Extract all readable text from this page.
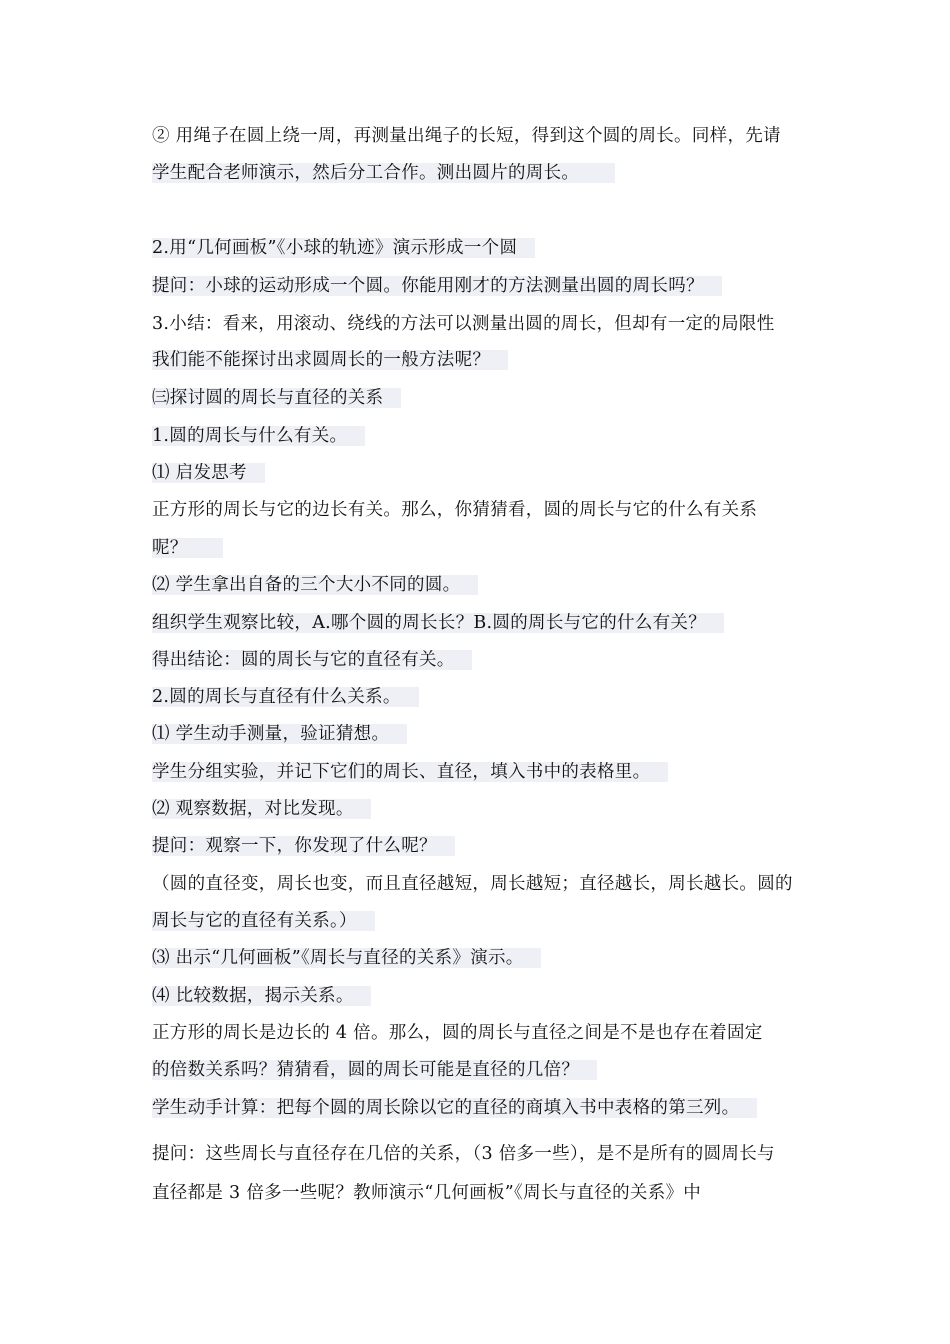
② 用绳子在圆上绕一周，再测量出绳子的长短，得到这个圆的周长。同样，先请
学生配合老师演示，然后分工合作。测出圆片的周长。  
2.用“几何画板”《小球的轨迹》演示形成一个圆 
提问：小球的运动形成一个圆。你能用刚才的方法测量出圆的周长吗？ 
3.小结：看来，用滚动、绕线的方法可以测量出圆的周长，但却有一定的局限性
我们能不能探讨出求圆周长的一般方法呢？ 
㈢探讨圆的周长与直径的关系 
1.圆的周长与什么有关。 
⑴ 启发思考 
正方形的周长与它的边长有关。那么，你猜猜看，圆的周长与它的什么有关系
呢？  
⑵ 学生拿出自备的三个大小不同的圆。 
组织学生观察比较，A.哪个圆的周长长？B.圆的周长与它的什么有关？ 
得出结论：圆的周长与它的直径有关。 
2.圆的周长与直径有什么关系。 
⑴ 学生动手测量，验证猜想。 
学生分组实验，并记下它们的周长、直径，填入书中的表格里。 
⑵ 观察数据，对比发现。 
提问：观察一下，你发现了什么呢？ 
（圆的直径变，周长也变，而且直径越短，周长越短；直径越长，周长越长。圆的
周长与它的直径有关系。） 
⑶ 出示“几何画板”《周长与直径的关系》演示。 
⑷ 比较数据，揭示关系。 
正方形的周长是边长的 4 倍。那么，圆的周长与直径之间是不是也存在着固定
的倍数关系吗？猜猜看，圆的周长可能是直径的几倍？ 
学生动手计算：把每个圆的周长除以它的直径的商填入书中表格的第三列。 
提问：这些周长与直径存在几倍的关系，（3 倍多一些），是不是所有的圆周长与
直径都是 3 倍多一些呢？教师演示“几何画板”《周长与直径的关系》中
